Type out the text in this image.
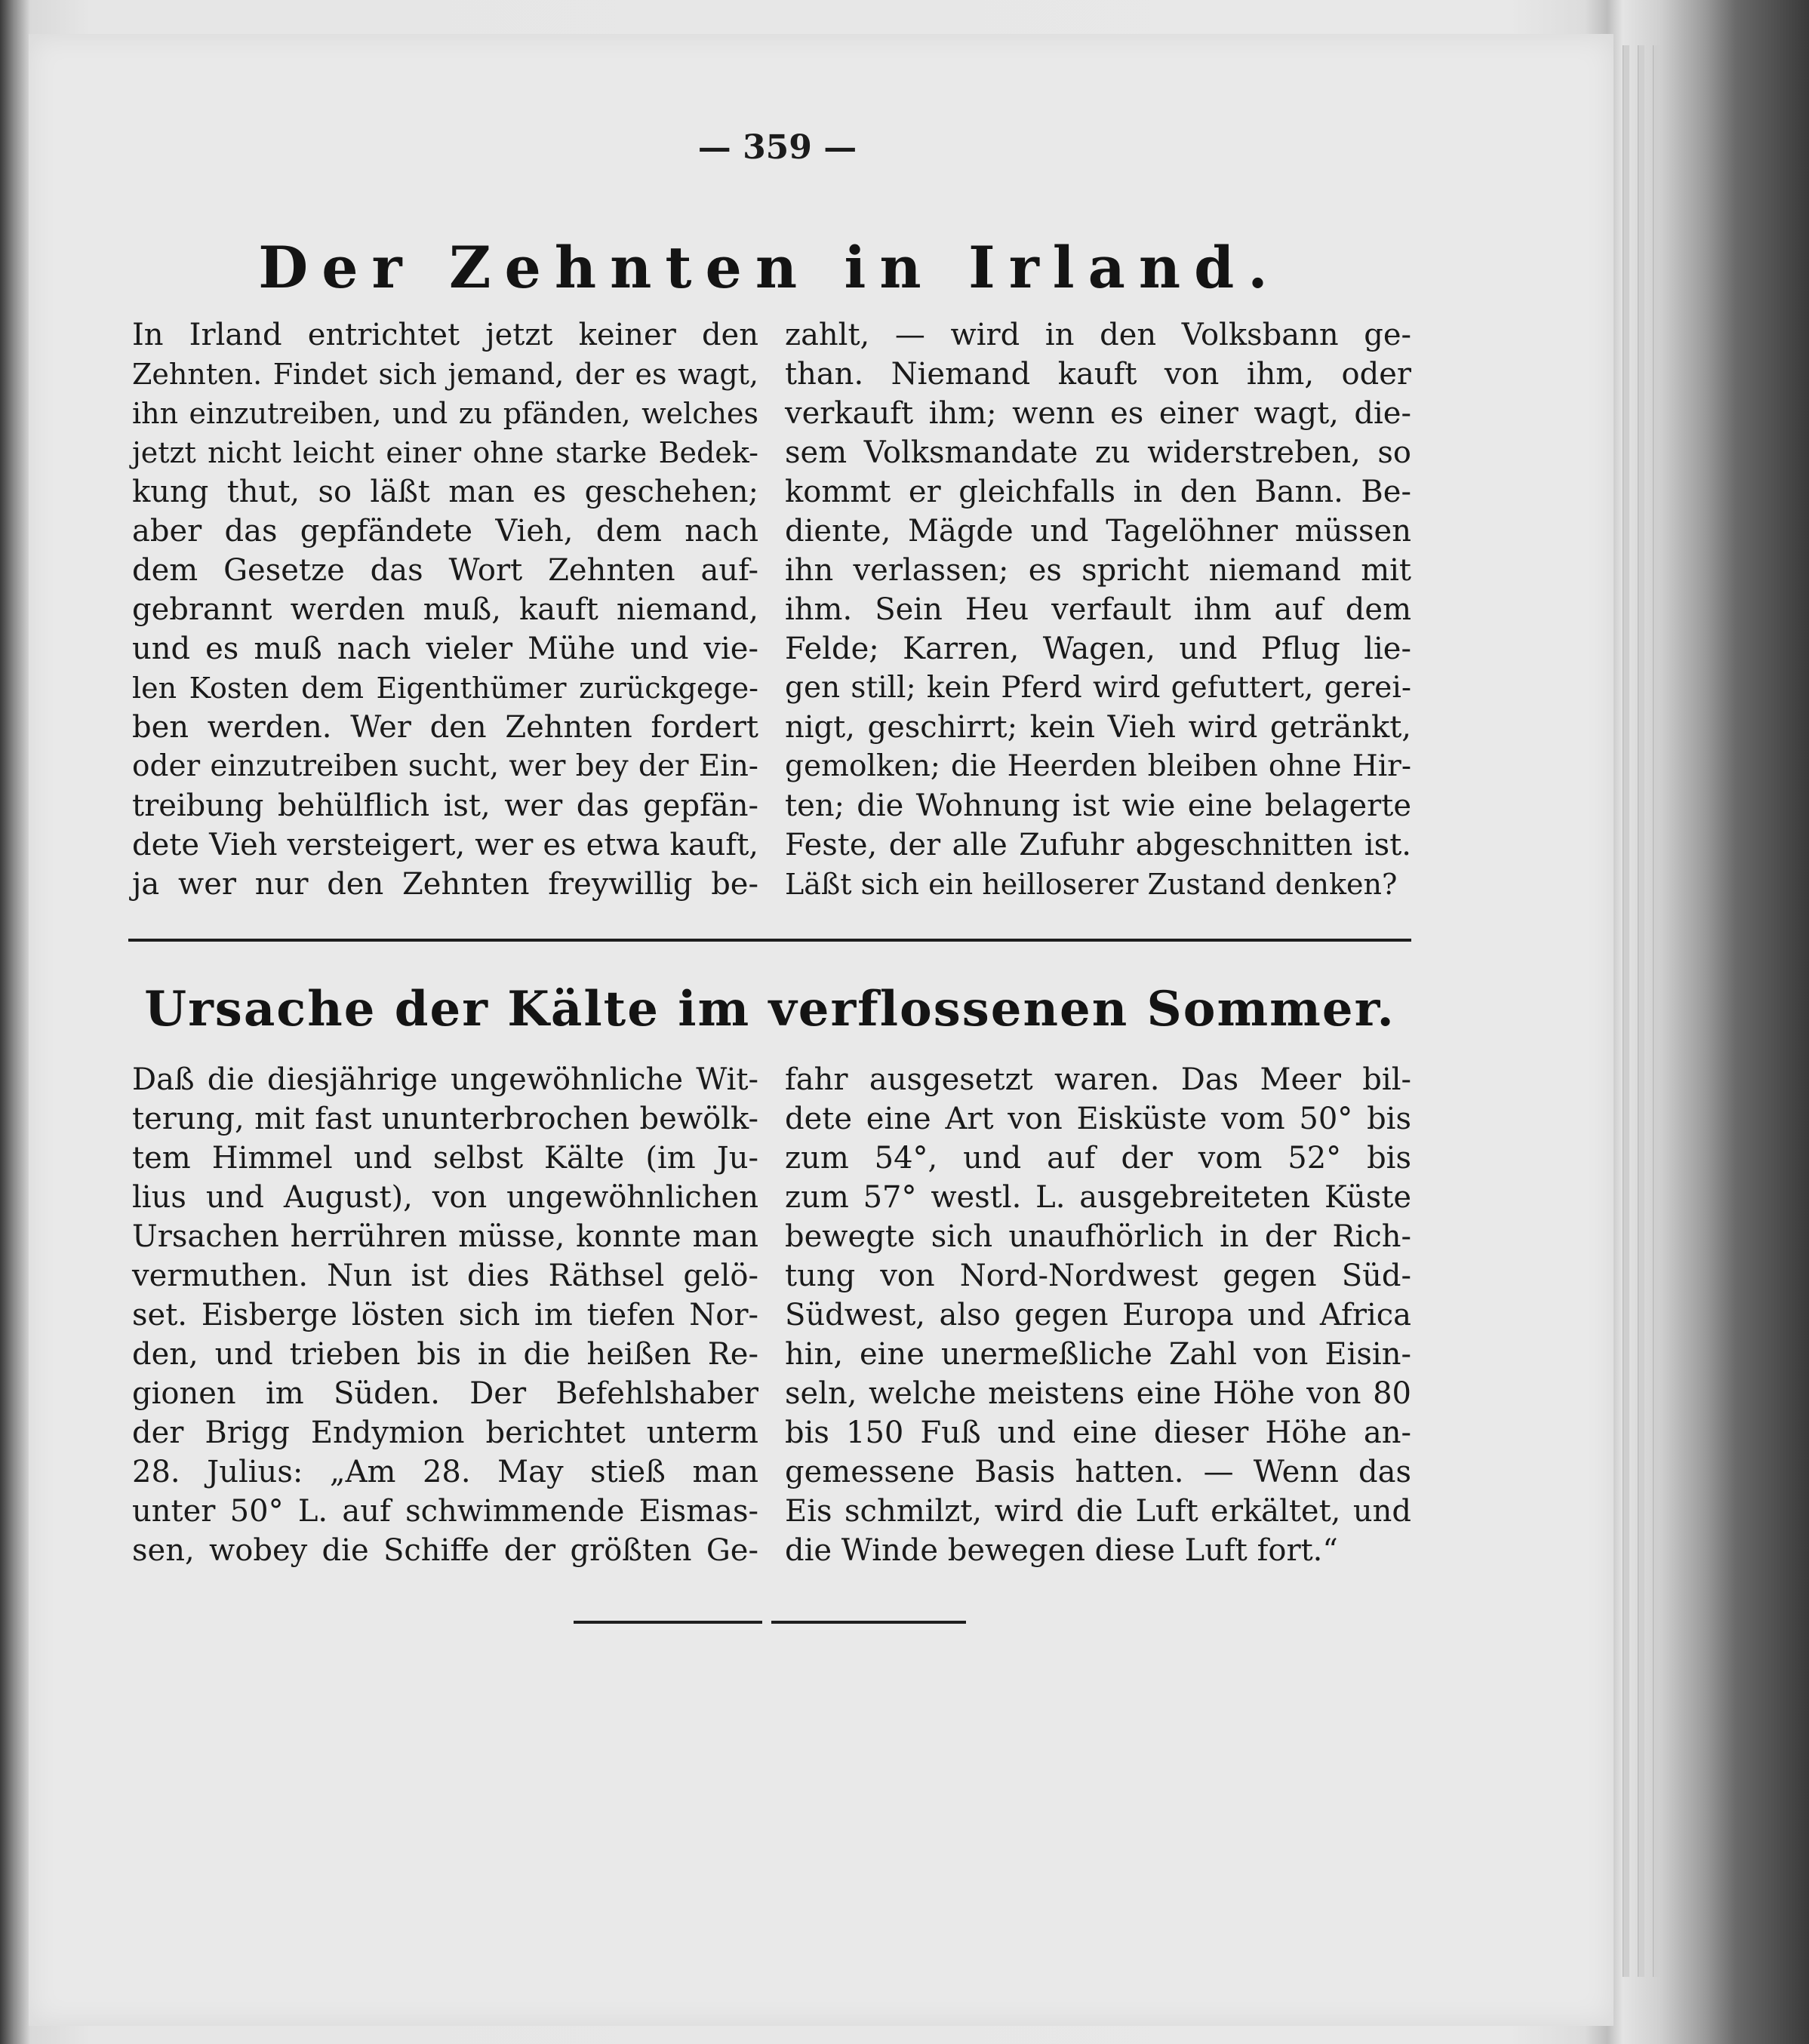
— 359 —
Der Zehnten in Irland.
In Irland entrichtet jetzt keiner den
Zehnten. Findet sich jemand, der es wagt,
ihn einzutreiben, und zu pfänden, welches
jetzt nicht leicht einer ohne starke Bedek-
kung thut, so läßt man es geschehen;
aber das gepfändete Vieh, dem nach
dem Gesetze das Wort Zehnten auf-
gebrannt werden muß, kauft niemand,
und es muß nach vieler Mühe und vie-
len Kosten dem Eigenthümer zurückgege-
ben werden. Wer den Zehnten fordert
oder einzutreiben sucht, wer bey der Ein-
treibung behülflich ist, wer das gepfän-
dete Vieh versteigert, wer es etwa kauft,
ja wer nur den Zehnten freywillig be-
zahlt, — wird in den Volksbann ge-
than. Niemand kauft von ihm, oder
verkauft ihm; wenn es einer wagt, die-
sem Volksmandate zu widerstreben, so
kommt er gleichfalls in den Bann. Be-
diente, Mägde und Tagelöhner müssen
ihn verlassen; es spricht niemand mit
ihm. Sein Heu verfault ihm auf dem
Felde; Karren, Wagen, und Pflug lie-
gen still; kein Pferd wird gefuttert, gerei-
nigt, geschirrt; kein Vieh wird getränkt,
gemolken; die Heerden bleiben ohne Hir-
ten; die Wohnung ist wie eine belagerte
Feste, der alle Zufuhr abgeschnitten ist.
Läßt sich ein heilloserer Zustand denken?
Ursache der Kälte im verflossenen Sommer.
Daß die diesjährige ungewöhnliche Wit-
terung, mit fast ununterbrochen bewölk-
tem Himmel und selbst Kälte (im Ju-
lius und August), von ungewöhnlichen
Ursachen herrühren müsse, konnte man
vermuthen. Nun ist dies Räthsel gelö-
set. Eisberge lösten sich im tiefen Nor-
den, und trieben bis in die heißen Re-
gionen im Süden. Der Befehlshaber
der Brigg Endymion berichtet unterm
28. Julius: „Am 28. May stieß man
unter 50° L. auf schwimmende Eismas-
sen, wobey die Schiffe der größten Ge-
fahr ausgesetzt waren. Das Meer bil-
dete eine Art von Eisküste vom 50° bis
zum 54°, und auf der vom 52° bis
zum 57° westl. L. ausgebreiteten Küste
bewegte sich unaufhörlich in der Rich-
tung von Nord-Nordwest gegen Süd-
Südwest, also gegen Europa und Africa
hin, eine unermeßliche Zahl von Eisin-
seln, welche meistens eine Höhe von 80
bis 150 Fuß und eine dieser Höhe an-
gemessene Basis hatten. — Wenn das
Eis schmilzt, wird die Luft erkältet, und
die Winde bewegen diese Luft fort.“
